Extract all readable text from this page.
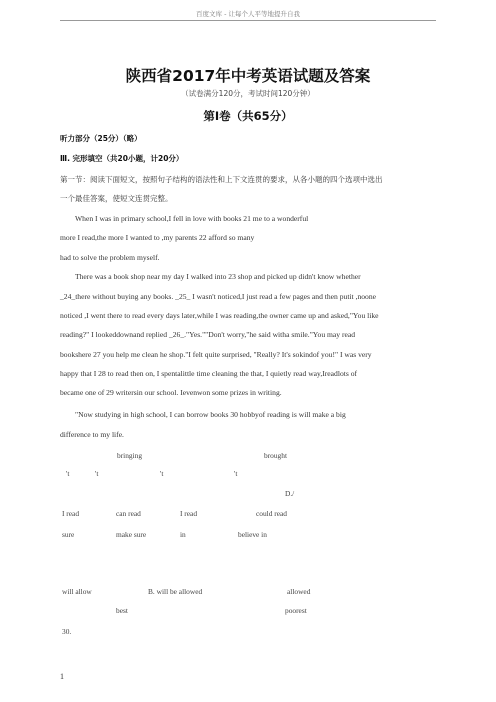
百度文库 - 让每个人平等地提升自我
陕西省2017年中考英语试题及答案
（试卷满分120分，考试时间120分钟）
第Ⅰ卷（共65分）
听力部分（25分）（略）
Ⅲ. 完形填空（共20小题，计20分）
第一节：阅读下面短文，按照句子结构的语法性和上下文连贯的要求，从各小题的四个选项中选出
一个最佳答案，使短文连贯完整。
When I was in primary school,I fell in love with books 21 me to a wonderful
more I read,the more I wanted to ,my parents 22 afford so many
had to solve the problem myself.
There was a book shop near my day I walked into 23 shop and picked up didn't know whether
_24_there without buying any books. _25_ I wasn't noticed,I just read a few pages and then putit ,noone
noticed ,I went there to read every days later,while I was reading,the owner came up and asked,"You like
reading?" I lookeddownand replied _26_."Yes.""Don't worry,"he said witha smile."You may read
bookshere 27 you help me clean he shop."I felt quite surprised, "Really? It's sokindof you!" I was very
happy that I 28 to read then on, I spentalittle time cleaning the that, I quietly read way,Ireadlots of
became one of 29 writersin our school. Ievenwon some prizes in writing.
"Now studying in high school, I can borrow books 30 hobbyof reading is will make a big
difference to my life.
bringing	brought
't	't	't	't
D./
I read	can read	I read	could read
sure	make sure	in	believe in
will allow	B. will be allowed	allowed
best	poorest
30.
1
